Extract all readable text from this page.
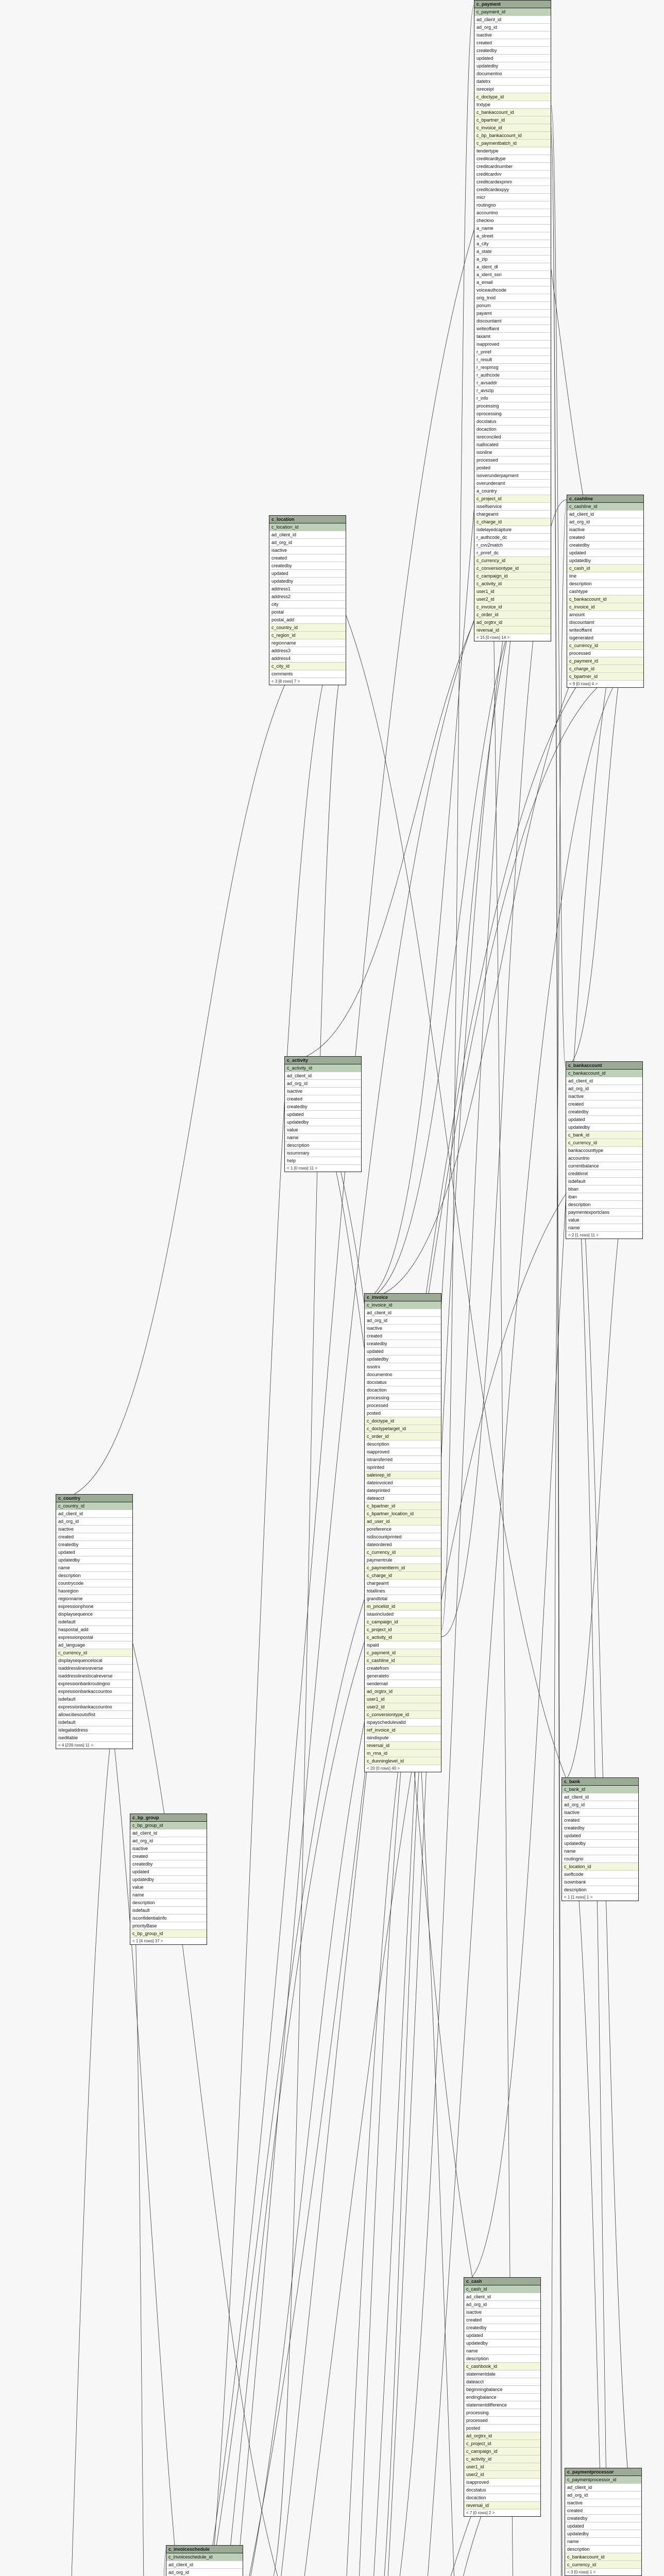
c_country
c_country_id
ad_client_id
ad_org_id
isactive
created
createdby
updated
updatedby
name
description
countrycode
hasregion
regionname
expressionphone
displaysequence
isdefault
haspostal_add
expressionpostal
ad_language
c_currency_id
displaysequencelocal
isaddresslinesreverse
isaddresslineslocalreverse
expressionbankroutingno
expressionbankaccountno
isdefault
expressionbankaccountno
allowcitiesoutoflist
isdefault
islegaladdress
iseditable
< 4 [239 rows] 11 >
c_bp_group
c_bp_group_id
ad_client_id
ad_org_id
isactive
created
createdby
updated
updatedby
value
name
description
isdefault
isconfidentialinfo
priorityBase
c_bp_group_id
< 1 [4 rows] 37 >
c_invoiceschedule
c_invoiceschedule_id
ad_client_id
ad_org_id
c_location
c_location_id
ad_client_id
ad_org_id
isactive
created
createdby
updated
updatedby
address1
address2
city
postal
postal_add
c_country_id
c_region_id
regionname
address3
address4
c_city_id
comments
< 3 [8 rows] 7 >
c_activity
c_activity_id
ad_client_id
ad_org_id
isactive
created
createdby
updated
updatedby
value
name
description
issummary
help
< 1 [0 rows] 11 >
c_invoice
c_invoice_id
ad_client_id
ad_org_id
isactive
created
createdby
updated
updatedby
issotrx
documentno
docstatus
docaction
processing
processed
posted
c_doctype_id
c_doctypetarget_id
c_order_id
description
isapproved
istransferred
isprinted
salesrep_id
dateinvoiced
dateprinted
dateacct
c_bpartner_id
c_bpartner_location_id
ad_user_id
poreference
isdiscountprinted
dateordered
c_currency_id
paymentrule
c_paymentterm_id
c_charge_id
chargeamt
totallines
grandtotal
m_pricelist_id
istaxincluded
c_campaign_id
c_project_id
c_activity_id
ispaid
c_payment_id
c_cashline_id
createfrom
generateto
sendemail
ad_orgtrx_id
user1_id
user2_id
c_conversiontype_id
ispayschedulevalid
ref_invoice_id
isindispute
reversal_id
m_rma_id
c_dunninglevel_id
< 20 [0 rows] 40 >
c_cash
c_cash_id
ad_client_id
ad_org_id
isactive
created
createdby
updated
updatedby
name
description
c_cashbook_id
statementdate
dateacct
beginningbalance
endingbalance
statementdifference
processing
processed
posted
ad_orgtrx_id
c_project_id
c_campaign_id
c_activity_id
user1_id
user2_id
isapproved
docstatus
docaction
reversal_id
< 7 [0 rows] 2 >
c_cashline
c_cashline_id
ad_client_id
ad_org_id
isactive
created
createdby
updated
updatedby
c_cash_id
line
description
cashtype
c_bankaccount_id
c_invoice_id
amount
discountamt
writeoffamt
isgenerated
c_currency_id
processed
c_payment_id
c_charge_id
c_bpartner_id
< 9 [0 rows] 4 >
c_payment
c_payment_id
ad_client_id
ad_org_id
isactive
created
createdby
updated
updatedby
documentno
datetrx
isreceipt
c_doctype_id
trxtype
c_bankaccount_id
c_bpartner_id
c_invoice_id
c_bp_bankaccount_id
c_paymentbatch_id
tendertype
creditcardtype
creditcardnumber
creditcardvv
creditcardexpmm
creditcardexpyy
micr
routingno
accountno
checkno
a_name
a_street
a_city
a_state
a_zip
a_ident_dl
a_ident_ssn
a_email
voiceauthcode
orig_trxid
ponum
payamt
discountamt
writeoffamt
taxamt
isapproved
r_pnref
r_result
r_respmsg
r_authcode
r_avsaddr
r_avszip
r_info
processing
oprocessing
docstatus
docaction
isreconciled
isallocated
isonline
processed
posted
isoverunderpayment
overunderamt
a_country
c_project_id
isselfservice
chargeamt
c_charge_id
isdelayedcapture
r_authcode_dc
r_cvv2match
r_pnref_dc
c_currency_id
c_conversiontype_id
c_campaign_id
c_activity_id
user1_id
user2_id
c_invoice_id
c_order_id
ad_orgtrx_id
reversal_id
< 15 [0 rows] 14 >
c_bankaccount
c_bankaccount_id
ad_client_id
ad_org_id
isactive
created
createdby
updated
updatedby
c_bank_id
c_currency_id
bankaccounttype
accountno
currentbalance
creditlimit
isdefault
bban
iban
description
paymentexportclass
value
name
< 2 [1 rows] 11 >
c_bank
c_bank_id
ad_client_id
ad_org_id
isactive
created
createdby
updated
updatedby
name
routingno
c_location_id
swiftcode
isownbank
description
< 1 [1 rows] 1 >
c_paymentprocessor
c_paymentprocessor_id
ad_client_id
ad_org_id
isactive
created
createdby
updated
updatedby
name
description
c_bankaccount_id
c_currency_id
< 3 [0 rows] 1 >
